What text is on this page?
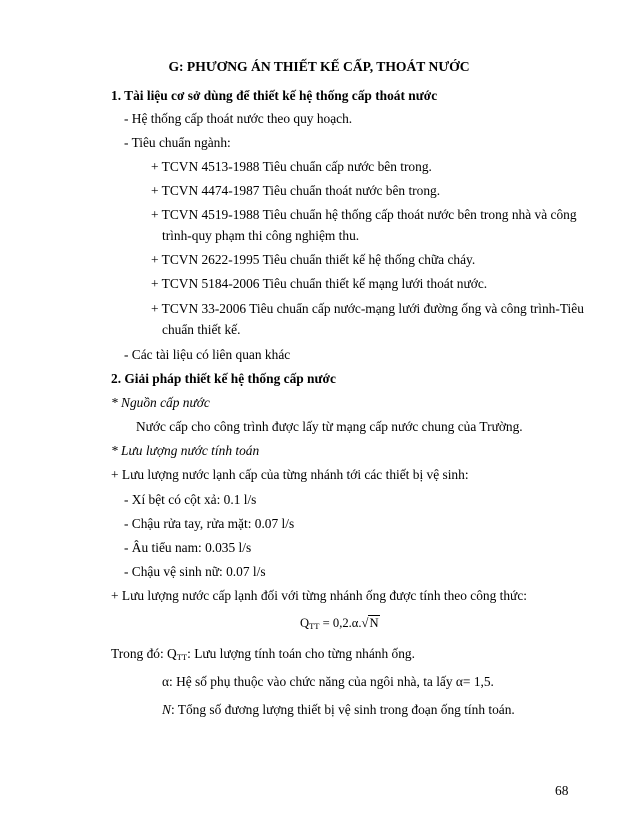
G: PHƯƠNG ÁN THIẾT KẾ CẤP, THOÁT NƯỚC
1. Tài liệu cơ sở dùng để thiết kế hệ thống cấp thoát nước
- Hệ thống cấp thoát nước theo quy hoạch.
- Tiêu chuẩn ngành:
+ TCVN 4513-1988 Tiêu chuẩn cấp nước bên trong.
+ TCVN 4474-1987 Tiêu chuẩn thoát nước bên trong.
+ TCVN 4519-1988 Tiêu chuẩn hệ thống cấp thoát nước bên trong nhà và công
trình-quy phạm thi công nghiệm thu.
+ TCVN 2622-1995 Tiêu chuẩn thiết kế hệ thống chữa cháy.
+ TCVN 5184-2006 Tiêu chuẩn thiết kế mạng lưới thoát nước.
+ TCVN 33-2006 Tiêu chuẩn cấp nước-mạng lưới đường ống và công trình-Tiêu
chuẩn thiết kế.
- Các tài liệu có liên quan khác
2. Giải pháp thiết kế hệ thống cấp nước
* Nguồn cấp nước
Nước cấp cho công trình được lấy từ mạng cấp nước chung của Trường.
* Lưu lượng nước tính toán
+ Lưu lượng nước lạnh cấp của từng nhánh tới các thiết bị vệ sinh:
- Xí bệt có cột xả: 0.1 l/s
- Chậu rửa tay, rửa mặt: 0.07 l/s
- Âu tiểu nam: 0.035 l/s
- Chậu vệ sinh nữ: 0.07 l/s
+ Lưu lượng nước cấp lạnh đối với từng nhánh ống được tính theo công thức:
$Q_{TT} = 0,2.\alpha.√N$
Trong đó: $Q_{TT}$: Lưu lượng tính toán cho từng nhánh ống.
α: Hệ số phụ thuộc vào chức năng của ngôi nhà, ta lấy α= 1,5.
N: Tổng số đương lượng thiết bị vệ sinh trong đoạn ống tính toán.
68
